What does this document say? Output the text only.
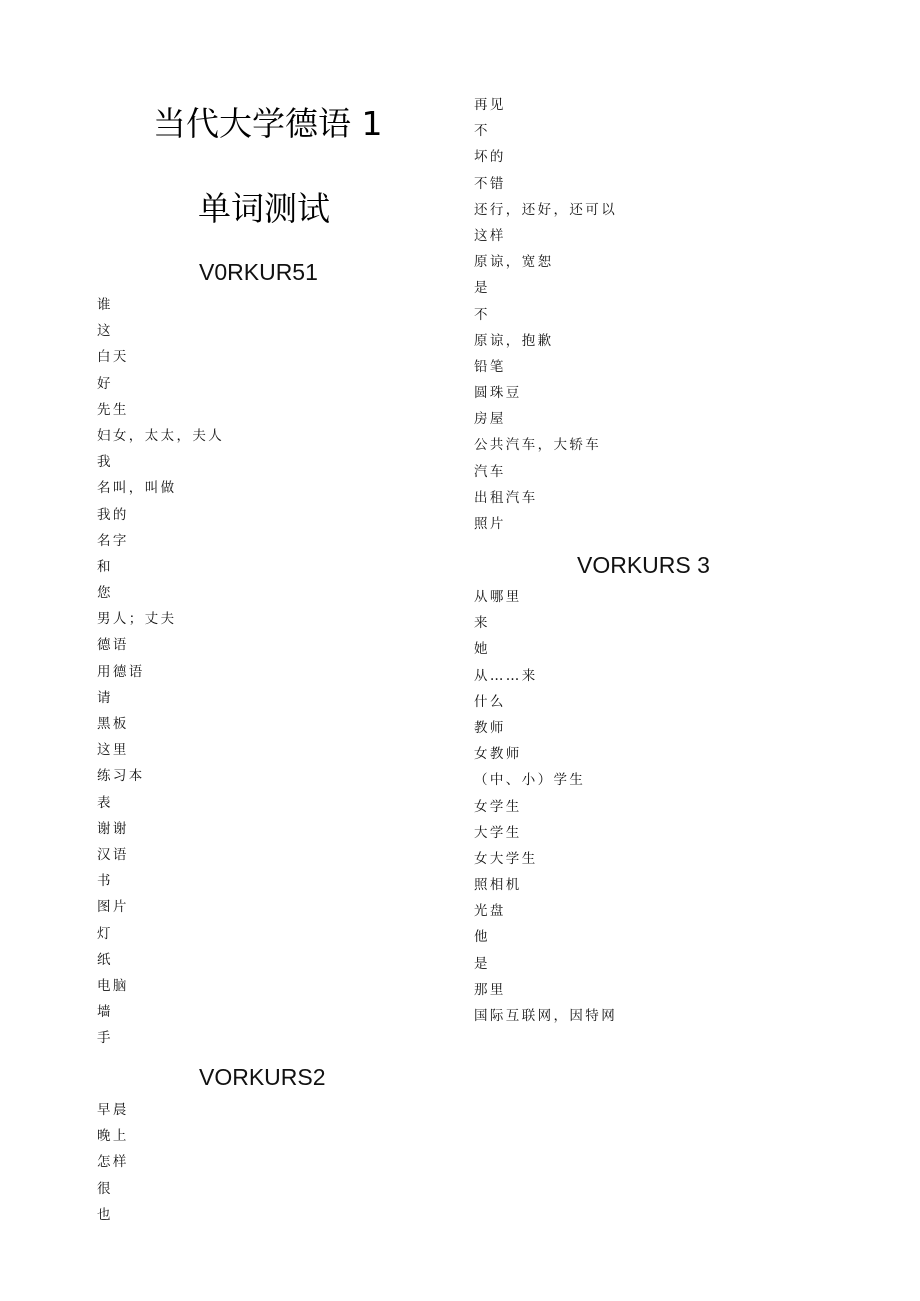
当代大学德语 1
单词测试
V0RKUR51
谁
这
白天
好
先生
妇女，太太，夫人
我
名叫，叫做
我的
名字
和
您
男人；丈夫
德语
用德语
请
黑板
这里
练习本
表
谢谢
汉语
书
图片
灯
纸
电脑
墙
手
VORKURS2
早晨
晚上
怎样
很
也
再见
不
坏的
不错
还行，还好，还可以
这样
原谅，宽恕
是
不
原谅，抱歉
铅笔
圆珠豆
房屋
公共汽车，大轿车
汽车
出租汽车
照片
VORKURS 3
从哪里
来
她
从……来
什么
教师
女教师
（中、小）学生
女学生
大学生
女大学生
照相机
光盘
他
是
那里
国际互联网，因特网
